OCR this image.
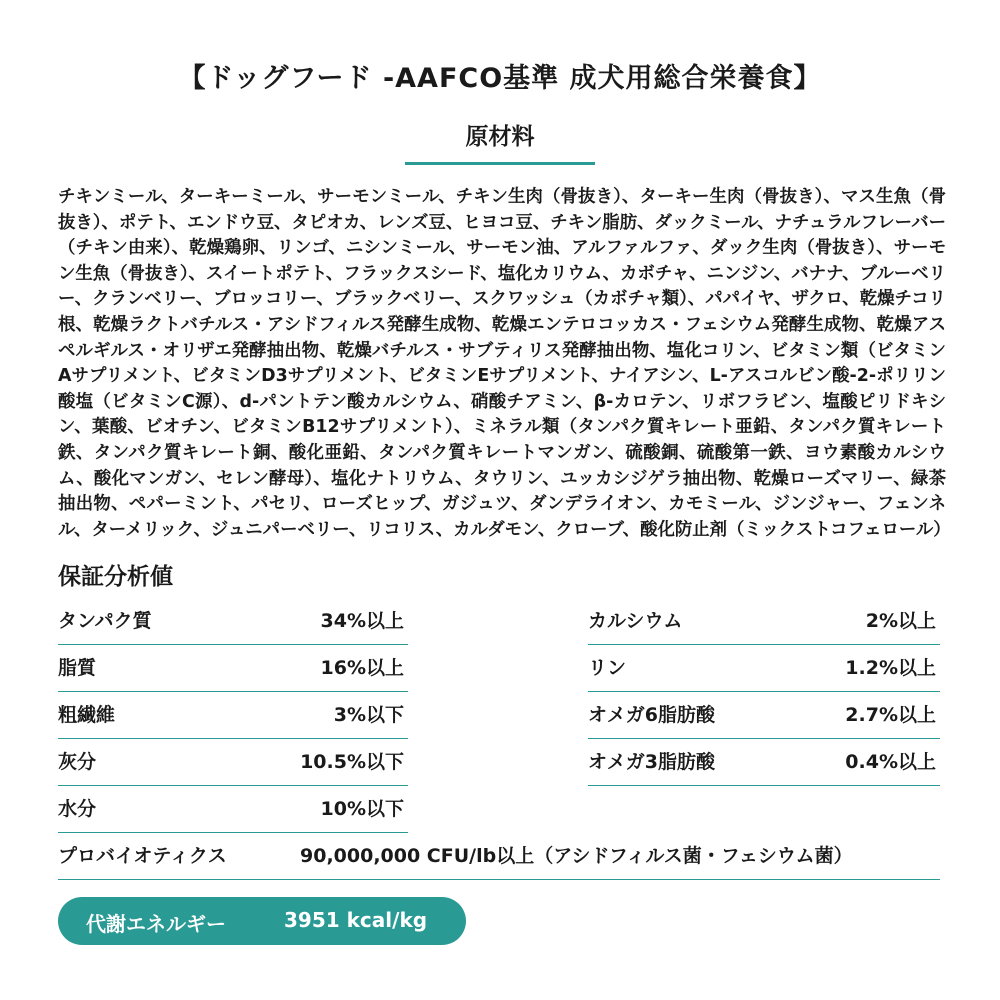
【ドッグフード -AAFCO基準 成犬用総合栄養食】
原材料
チキンミール、ターキーミール、サーモンミール、チキン生肉（骨抜き）、ターキー生肉（骨抜き）、マス生魚（骨抜き）、ポテト、エンドウ豆、タピオカ、レンズ豆、ヒヨコ豆、チキン脂肪、ダックミール、ナチュラルフレーバー（チキン由来）、乾燥鶏卵、リンゴ、ニシンミール、サーモン油、アルファルファ、ダック生肉（骨抜き）、サーモン生魚（骨抜き）、スイートポテト、フラックスシード、塩化カリウム、カボチャ、ニンジン、バナナ、ブルーベリー、クランベリー、ブロッコリー、ブラックベリー、スクワッシュ（カボチャ類）、パパイヤ、ザクロ、乾燥チコリ根、乾燥ラクトバチルス・アシドフィルス発酵生成物、乾燥エンテロコッカス・フェシウム発酵生成物、乾燥アスペルギルス・オリザエ発酵抽出物、乾燥バチルス・サブティリス発酵抽出物、塩化コリン、ビタミン類（ビタミンAサプリメント、ビタミンD3サプリメント、ビタミンEサプリメント、ナイアシン、L-アスコルビン酸-2-ポリリン酸塩（ビタミンC源）、d-パントテン酸カルシウム、硝酸チアミン、β-カロテン、リボフラビン、塩酸ピリドキシン、葉酸、ビオチン、ビタミンB12サプリメント）、ミネラル類（タンパク質キレート亜鉛、タンパク質キレート鉄、タンパク質キレート銅、酸化亜鉛、タンパク質キレートマンガン、硫酸銅、硫酸第一鉄、ヨウ素酸カルシウム、酸化マンガン、セレン酵母）、塩化ナトリウム、タウリン、ユッカシジゲラ抽出物、乾燥ローズマリー、緑茶抽出物、ペパーミント、パセリ、ローズヒップ、ガジュツ、ダンデライオン、カモミール、ジンジャー、フェンネル、ターメリック、ジュニパーベリー、リコリス、カルダモン、クローブ、酸化防止剤（ミックストコフェロール）
保証分析値
タンパク質	34%以上
脂質	16%以上
粗繊維	3%以下
灰分	10.5%以下
水分	10%以下
カルシウム	2%以上
リン	1.2%以上
オメガ6脂肪酸	2.7%以上
オメガ3脂肪酸	0.4%以上
プロバイオティクス	90,000,000 CFU/lb以上（アシドフィルス菌・フェシウム菌）
代謝エネルギー	3951 kcal/kg
